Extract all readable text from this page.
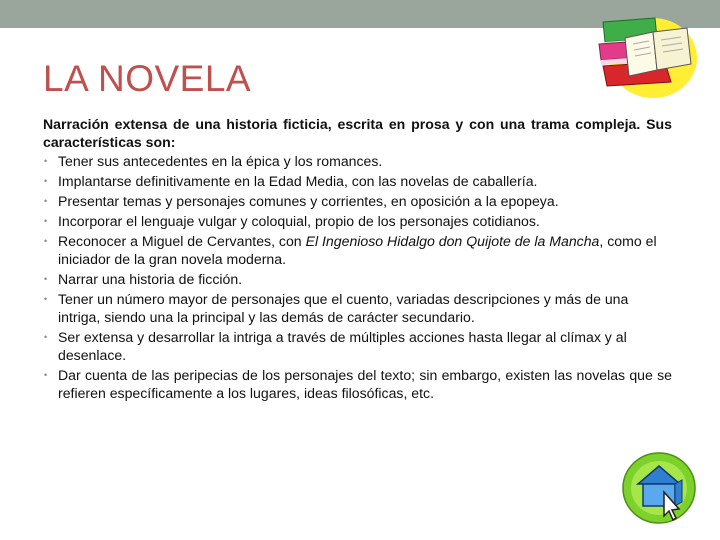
LA NOVELA

Narración extensa de una historia ficticia, escrita en prosa y con una trama compleja. Sus características son:

• Tener sus antecedentes en la épica y los romances.
• Implantarse definitivamente en la Edad Media, con las novelas de caballería.
• Presentar temas y personajes comunes y corrientes, en oposición a la epopeya.
• Incorporar el lenguaje vulgar y coloquial, propio de los personajes cotidianos.
• Reconocer a Miguel de Cervantes, con El Ingenioso Hidalgo don Quijote de la Mancha, como el iniciador de la gran novela moderna.
• Narrar una historia de ficción.
• Tener un número mayor de personajes que el cuento, variadas descripciones y más de una intriga, siendo una la principal y las demás de carácter secundario.
• Ser extensa y desarrollar la intriga a través de múltiples acciones hasta llegar al clímax y al desenlace.
• Dar cuenta de las peripecias de los personajes del texto; sin embargo, existen las novelas que se refieren específicamente a los lugares, ideas filosóficas, etc.
